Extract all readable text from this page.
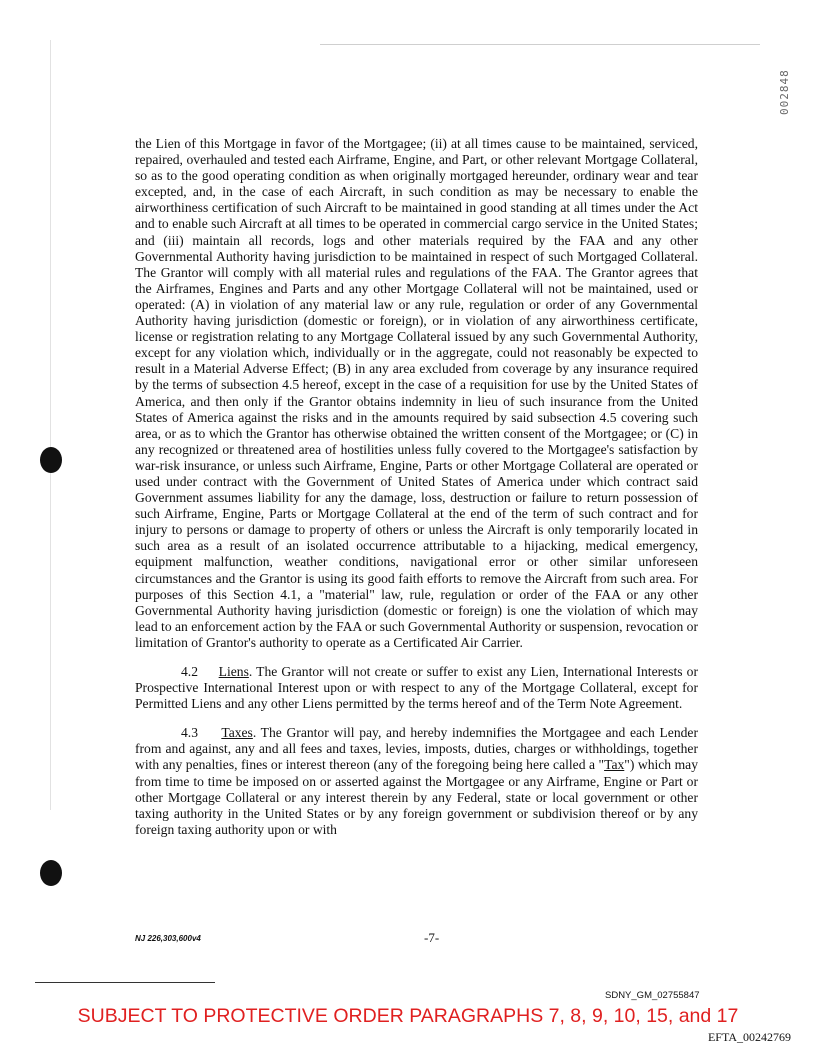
002848

the Lien of this Mortgage in favor of the Mortgagee; (ii) at all times cause to be maintained, serviced, repaired, overhauled and tested each Airframe, Engine, and Part, or other relevant Mortgage Collateral, so as to the good operating condition as when originally mortgaged hereunder, ordinary wear and tear excepted, and, in the case of each Aircraft, in such condition as may be necessary to enable the airworthiness certification of such Aircraft to be maintained in good standing at all times under the Act and to enable such Aircraft at all times to be operated in commercial cargo service in the United States; and (iii) maintain all records, logs and other materials required by the FAA and any other Governmental Authority having jurisdiction to be maintained in respect of such Mortgaged Collateral. The Grantor will comply with all material rules and regulations of the FAA. The Grantor agrees that the Airframes, Engines and Parts and any other Mortgage Collateral will not be maintained, used or operated: (A) in violation of any material law or any rule, regulation or order of any Governmental Authority having jurisdiction (domestic or foreign), or in violation of any airworthiness certificate, license or registration relating to any Mortgage Collateral issued by any such Governmental Authority, except for any violation which, individually or in the aggregate, could not reasonably be expected to result in a Material Adverse Effect; (B) in any area excluded from coverage by any insurance required by the terms of subsection 4.5 hereof, except in the case of a requisition for use by the United States of America, and then only if the Grantor obtains indemnity in lieu of such insurance from the United States of America against the risks and in the amounts required by said subsection 4.5 covering such area, or as to which the Grantor has otherwise obtained the written consent of the Mortgagee; or (C) in any recognized or threatened area of hostilities unless fully covered to the Mortgagee's satisfaction by war-risk insurance, or unless such Airframe, Engine, Parts or other Mortgage Collateral are operated or used under contract with the Government of United States of America under which contract said Government assumes liability for any the damage, loss, destruction or failure to return possession of such Airframe, Engine, Parts or Mortgage Collateral at the end of the term of such contract and for injury to persons or damage to property of others or unless the Aircraft is only temporarily located in such area as a result of an isolated occurrence attributable to a hijacking, medical emergency, equipment malfunction, weather conditions, navigational error or other similar unforeseen circumstances and the Grantor is using its good faith efforts to remove the Aircraft from such area. For purposes of this Section 4.1, a "material" law, rule, regulation or order of the FAA or any other Governmental Authority having jurisdiction (domestic or foreign) is one the violation of which may lead to an enforcement action by the FAA or such Governmental Authority or suspension, revocation or limitation of Grantor's authority to operate as a Certificated Air Carrier.

4.2 Liens. The Grantor will not create or suffer to exist any Lien, International Interests or Prospective International Interest upon or with respect to any of the Mortgage Collateral, except for Permitted Liens and any other Liens permitted by the terms hereof and of the Term Note Agreement.

4.3 Taxes. The Grantor will pay, and hereby indemnifies the Mortgagee and each Lender from and against, any and all fees and taxes, levies, imposts, duties, charges or withholdings, together with any penalties, fines or interest thereon (any of the foregoing being here called a "Tax") which may from time to time be imposed on or asserted against the Mortgagee or any Airframe, Engine or Part or other Mortgage Collateral or any interest therein by any Federal, state or local government or other taxing authority in the United States or by any foreign government or subdivision thereof or by any foreign taxing authority upon or with

NJ 226,303,600v4	-7-
SDNY_GM_02755847
SUBJECT TO PROTECTIVE ORDER PARAGRAPHS 7, 8, 9, 10, 15, and 17
EFTA_00242769
